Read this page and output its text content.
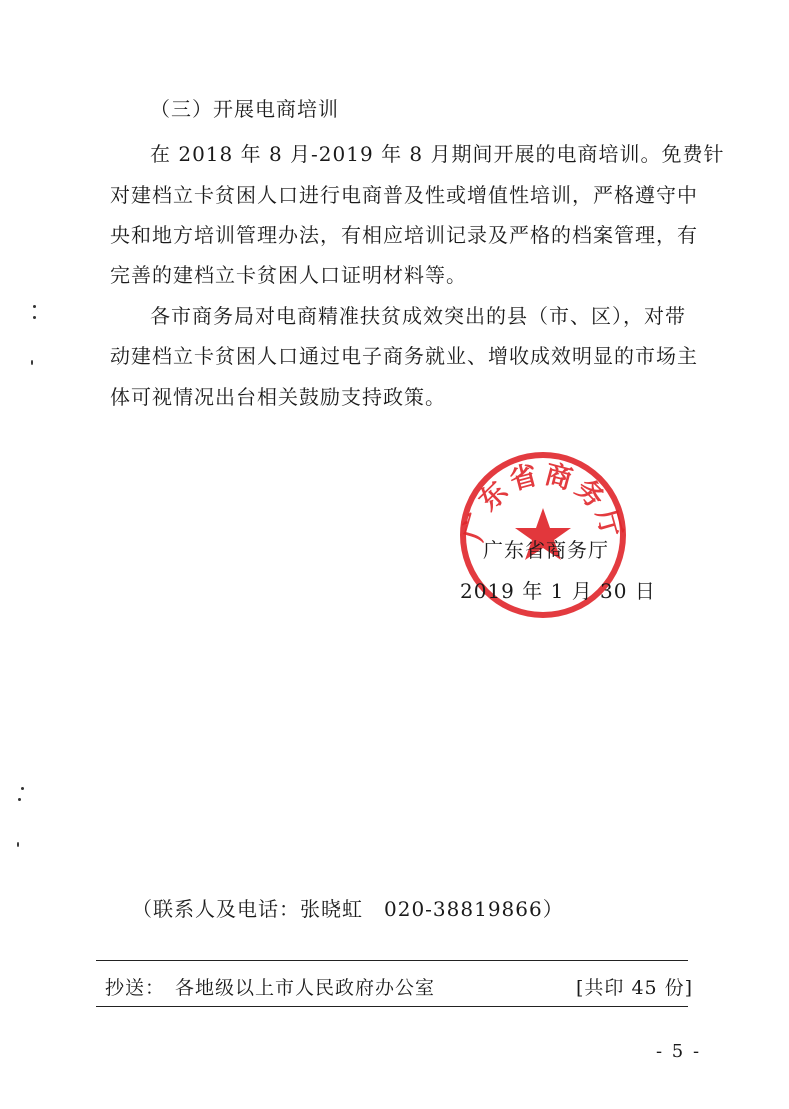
（三）开展电商培训
在 2018 年 8 月-2019 年 8 月期间开展的电商培训。免费针
对建档立卡贫困人口进行电商普及性或增值性培训，严格遵守中
央和地方培训管理办法，有相应培训记录及严格的档案管理，有
完善的建档立卡贫困人口证明材料等。
各市商务局对电商精准扶贫成效突出的县（市、区），对带
动建档立卡贫困人口通过电子商务就业、增收成效明显的市场主
体可视情况出台相关鼓励支持政策。
广东省商务厅
广东省商务厅
2019 年 1 月 30 日
（联系人及电话：张晓虹　020-38819866）
抄送： 各地级以上市人民政府办公室	[共印 45 份]
- 5 -
